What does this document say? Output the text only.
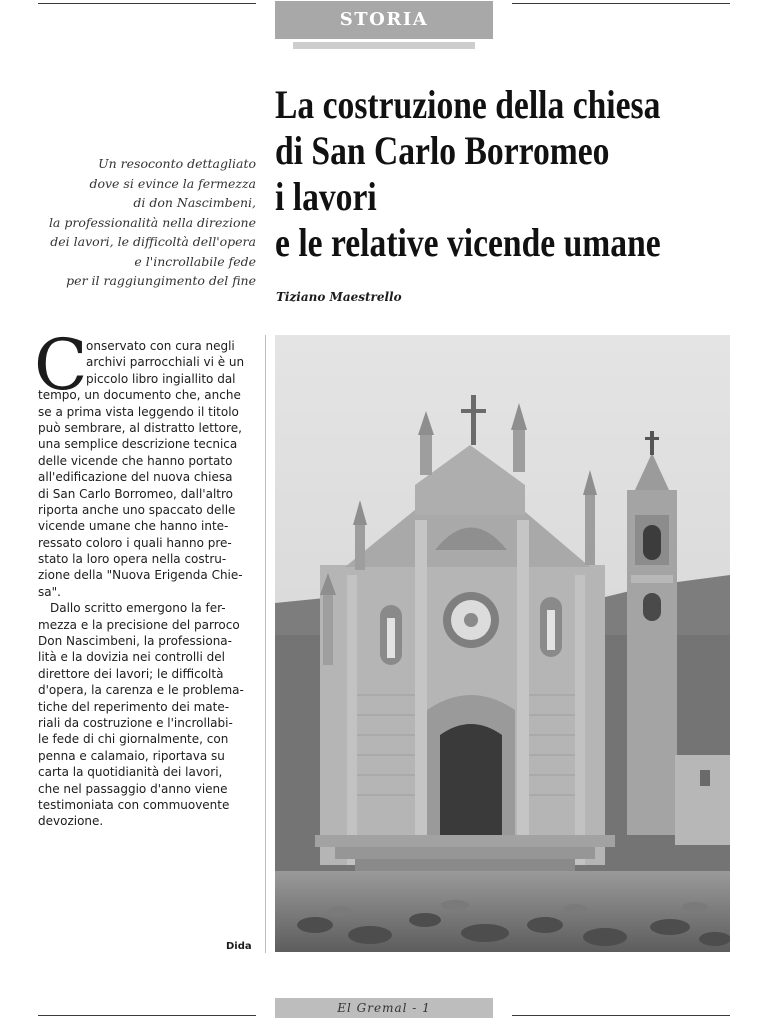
STORIA
La costruzione della chiesa
di San Carlo Borromeo
i lavori
e le relative vicende umane
Tiziano Maestrello
Un resoconto dettagliato
dove si evince la fermezza
di don Nascimbeni,
la professionalità nella direzione
dei lavori, le difficoltà dell'opera
e l'incrollabile fede
per il raggiungimento del fine
C
onservato con cura negli
archivi parrocchiali vi è un
piccolo libro ingiallito dal
tempo, un documento che, anche
se a prima vista leggendo il titolo
può sembrare, al distratto lettore,
una semplice descrizione tecnica
delle vicende che hanno portato
all'edificazione del nuova chiesa
di San Carlo Borromeo, dall'altro
riporta anche uno spaccato delle
vicende umane che hanno inte-
ressato coloro i quali hanno pre-
stato la loro opera nella costru-
zione della "Nuova Erigenda Chie-
sa".
Dallo scritto emergono la fer-
mezza e la precisione del parroco
Don Nascimbeni, la professiona-
lità e la dovizia nei controlli del
direttore dei lavori; le difficoltà
d'opera, la carenza e le problema-
tiche del reperimento dei mate-
riali da costruzione e l'incrollabi-
le fede di chi giornalmente, con
penna e calamaio, riportava su
carta la quotidianità dei lavori,
che nel passaggio d'anno viene
testimoniata con commuovente
devozione.
Dida
El Gremal - 1
